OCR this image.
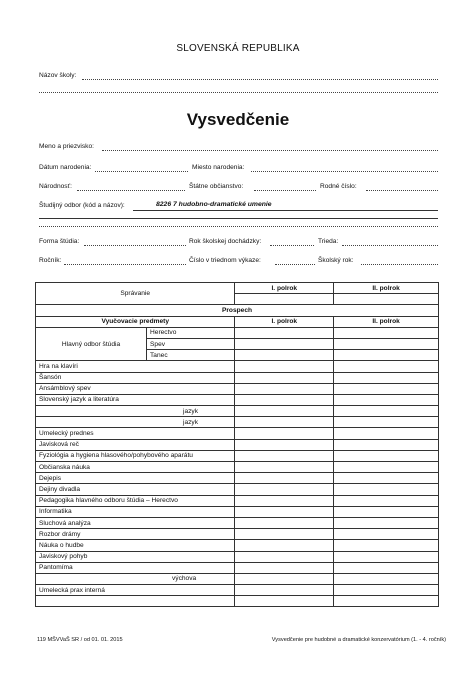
SLOVENSKÁ REPUBLIKA
Názov školy:
Vysvedčenie
Meno a priezvisko:
Dátum narodenia:	Miesto narodenia:
Národnosť:	Štátne občianstvo:	Rodné číslo:
Študijný odbor (kód a názov):	8226 7 hudobno-dramatické umenie
Forma štúdia:	Rok školskej dochádzky:	Trieda:
Ročník:	Číslo v triednom výkaze:	Školský rok:
Správanie		I. polrok	II. polrok

Prospech			
Vyučovacie predmety		I. polrok	II. polrok
Hlavný odbor štúdia	Herectvo		
	Spev		
	Tanec		
Hra na klavíri			
Šansón			
Ansámblový spev			
Slovenský jazyk a literatúra			
jazyk			
jazyk			
Umelecký prednes			
Javisková reč			
Fyziológia a hygiena hlasového/pohybového aparátu			
Občianska náuka			
Dejepis			
Dejiny divadla			
Pedagogika hlavného odboru štúdia – Herectvo			
Informatika			
Sluchová analýza			
Rozbor drámy			
Náuka o hudbe			
Javiskový pohyb			
Pantomíma			
výchova			
Umelecká prax interná			

119 MŠVVaŠ SR / od 01. 01. 2015	Vysvedčenie pre hudobné a dramatické konzervatórium (1. - 4. ročník)
